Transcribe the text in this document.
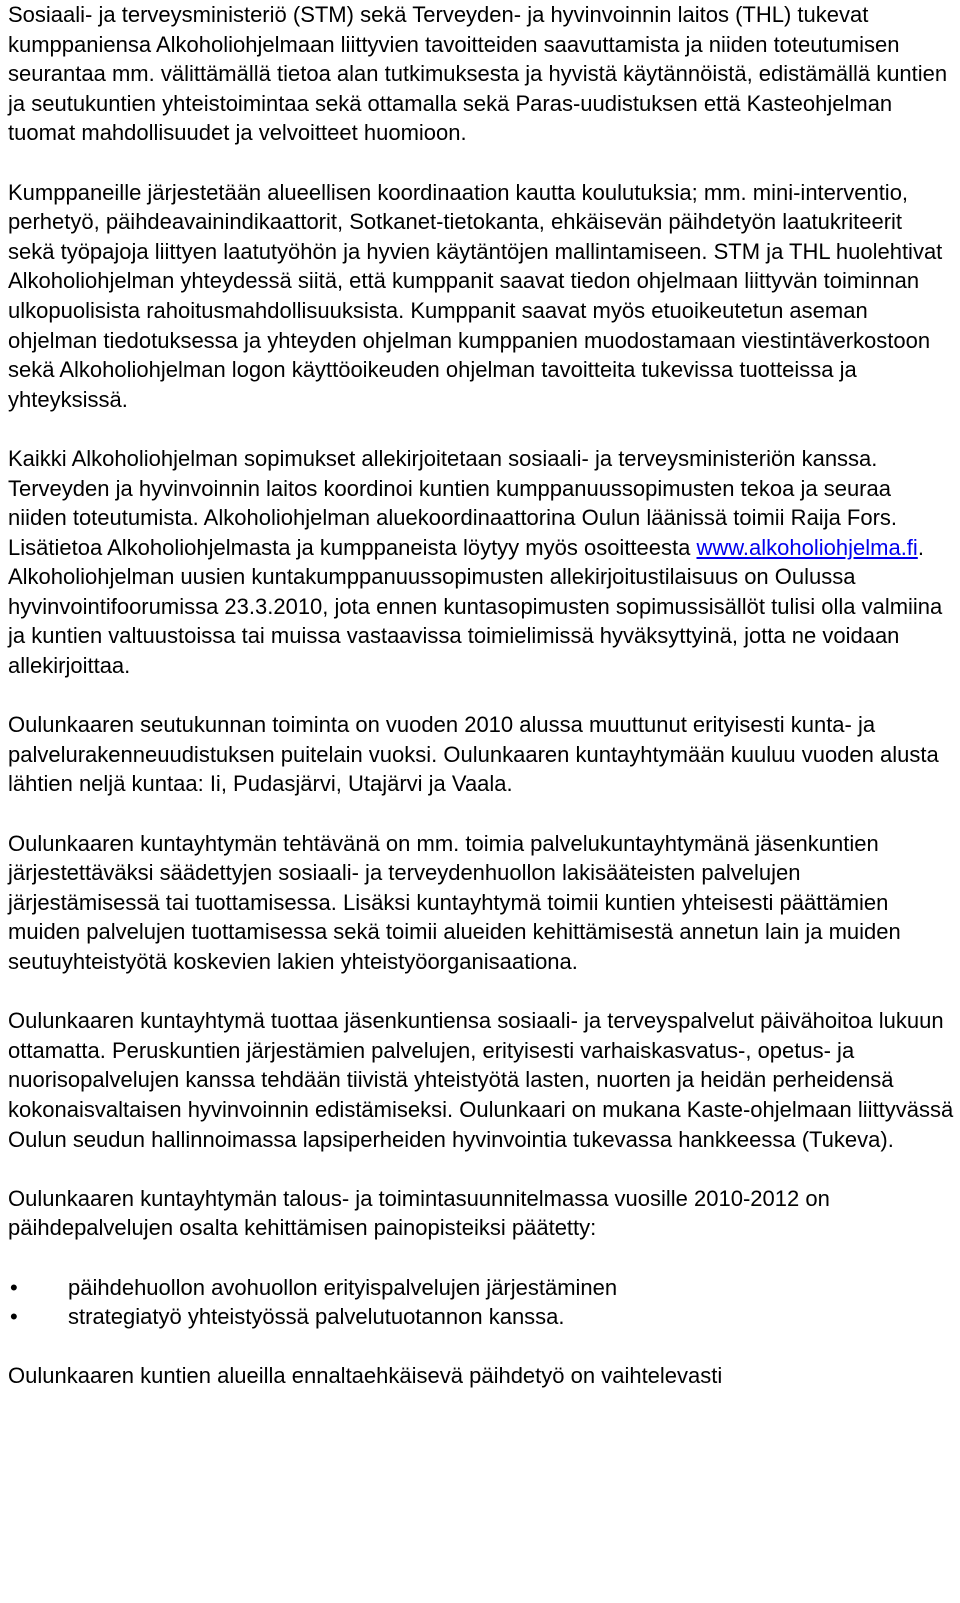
Sosiaali- ja terveysministeriö (STM) sekä Terveyden- ja hyvinvoinnin laitos (THL) tukevat kumppaniensa Alkoholiohjelmaan liittyvien tavoitteiden saavuttamista ja niiden toteutumisen seurantaa mm. välittämällä tietoa alan tutkimuksesta ja hyvistä käytännöistä, edistämällä kuntien ja seutukuntien yhteistoimintaa sekä ottamalla sekä Paras-uudistuksen että Kasteohjelman tuomat mahdollisuudet ja velvoitteet huomioon.

Kumppaneille järjestetään alueellisen koordinaation kautta koulutuksia; mm. mini-interventio, perhetyö, päihdeavainindikaattorit, Sotkanet-tietokanta, ehkäisevän päihdetyön laatukriteerit sekä työpajoja liittyen laatutyöhön ja hyvien käytäntöjen mallintamiseen. STM ja THL huolehtivat Alkoholiohjelman yhteydessä siitä, että kumppanit saavat tiedon ohjelmaan liittyvän toiminnan ulkopuolisista rahoitusmahdollisuuksista. Kumppanit saavat myös etuoikeutetun aseman ohjelman tiedotuksessa ja yhteyden ohjelman kumppanien muodostamaan viestintäverkostoon sekä Alkoholiohjelman logon käyttöoikeuden ohjelman tavoitteita tukevissa tuotteissa ja yhteyksissä.

Kaikki Alkoholiohjelman sopimukset allekirjoitetaan sosiaali- ja terveysministeriön kanssa. Terveyden ja hyvinvoinnin laitos koordinoi kuntien kumppanuussopimusten tekoa ja seuraa niiden toteutumista. Alkoholiohjelman aluekoordinaattorina Oulun läänissä toimii Raija Fors. Lisätietoa Alkoholiohjelmasta ja kumppaneista löytyy myös osoitteesta www.alkoholiohjelma.fi. Alkoholiohjelman uusien kuntakumppanuussopimusten allekirjoitustilaisuus on Oulussa hyvinvointifoorumissa 23.3.2010, jota ennen kuntasopimusten sopimussisällöt tulisi olla valmiina ja kuntien valtuustoissa tai muissa vastaavissa toimielimissä hyväksyttyinä, jotta ne voidaan allekirjoittaa.

Oulunkaaren seutukunnan toiminta on vuoden 2010 alussa muuttunut erityisesti kunta- ja palvelurakenneuudistuksen puitelain vuoksi. Oulunkaaren kuntayhtymään kuuluu vuoden alusta lähtien neljä kuntaa: Ii, Pudasjärvi, Utajärvi ja Vaala.

Oulunkaaren kuntayhtymän tehtävänä on mm. toimia palvelukuntayhtymänä jäsenkuntien järjestettäväksi säädettyjen sosiaali- ja terveydenhuollon lakisääteisten palvelujen järjestämisessä tai tuottamisessa. Lisäksi kuntayhtymä toimii kuntien yhteisesti päättämien muiden palvelujen tuottamisessa sekä toimii alueiden kehittämisestä annetun lain ja muiden seutuyhteistyötä koskevien lakien yhteistyöorganisaationa.

Oulunkaaren kuntayhtymä tuottaa jäsenkuntiensa sosiaali- ja terveyspalvelut päivähoitoa lukuun ottamatta. Peruskuntien järjestämien palvelujen, erityisesti varhaiskasvatus-, opetus- ja nuorisopalvelujen kanssa tehdään tiivistä yhteistyötä lasten, nuorten ja heidän perheidensä kokonaisvaltaisen hyvinvoinnin edistämiseksi. Oulunkaari on mukana Kaste-ohjelmaan liittyvässä Oulun seudun hallinnoimassa lapsiperheiden hyvinvointia tukevassa hankkeessa (Tukeva).

Oulunkaaren kuntayhtymän talous- ja toimintasuunnitelmassa vuosille 2010-2012 on päihdepalvelujen osalta kehittämisen painopisteiksi päätetty:

• päihdehuollon avohuollon erityispalvelujen järjestäminen
• strategiatyö yhteistyössä palvelutuotannon kanssa.

Oulunkaaren kuntien alueilla ennaltaehkäisevä päihdetyö on vaihtelevasti
